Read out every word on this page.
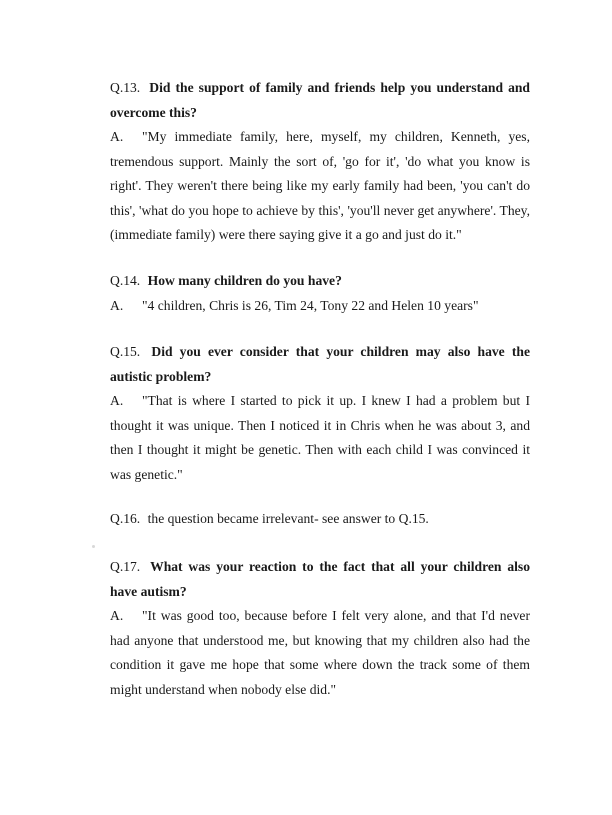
Q.13. Did the support of family and friends help you understand and overcome this?
A. "My immediate family, here, myself, my children, Kenneth, yes, tremendous support. Mainly the sort of, 'go for it', 'do what you know is right'. They weren't there being like my early family had been, 'you can't do this', 'what do you hope to achieve by this', 'you'll never get anywhere'. They, (immediate family) were there saying give it a go and just do it."
Q.14. How many children do you have?
A. "4 children, Chris is 26, Tim 24, Tony 22 and Helen 10 years"
Q.15. Did you ever consider that your children may also have the autistic problem?
A. "That is where I started to pick it up. I knew I had a problem but I thought it was unique. Then I noticed it in Chris when he was about 3, and then I thought it might be genetic. Then with each child I was convinced it was genetic."
Q.16. the question became irrelevant- see answer to Q.15.
Q.17. What was your reaction to the fact that all your children also have autism?
A. "It was good too, because before I felt very alone, and that I'd never had anyone that understood me, but knowing that my children also had the condition it gave me hope that some where down the track some of them might understand when nobody else did."
